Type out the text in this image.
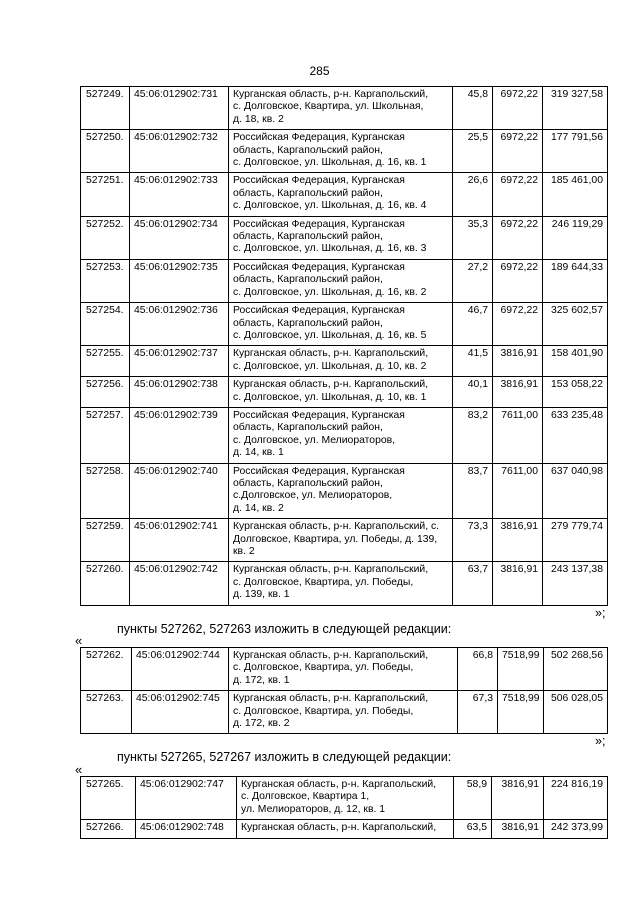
285
527249.	45:06:012902:731	Курганская область, р-н. Каргапольский,
с. Долговское, Квартира, ул. Школьная,
д. 18, кв. 2	45,8	6972,22	319 327,58
527250.	45:06:012902:732	Российская Федерация, Курганская
область, Каргапольский район,
с. Долговское, ул. Школьная, д. 16, кв. 1	25,5	6972,22	177 791,56
527251.	45:06:012902:733	Российская Федерация, Курганская
область, Каргапольский район,
с. Долговское, ул. Школьная, д. 16, кв. 4	26,6	6972,22	185 461,00
527252.	45:06:012902:734	Российская Федерация, Курганская
область, Каргапольский район,
с. Долговское, ул. Школьная, д. 16, кв. 3	35,3	6972,22	246 119,29
527253.	45:06:012902:735	Российская Федерация, Курганская
область, Каргапольский район,
с. Долговское, ул. Школьная, д. 16, кв. 2	27,2	6972,22	189 644,33
527254.	45:06:012902:736	Российская Федерация, Курганская
область, Каргапольский район,
с. Долговское, ул. Школьная, д. 16, кв. 5	46,7	6972,22	325 602,57
527255.	45:06:012902:737	Курганская область, р-н. Каргапольский,
с. Долговское, ул. Школьная, д. 10, кв. 2	41,5	3816,91	158 401,90
527256.	45:06:012902:738	Курганская область, р-н. Каргапольский,
с. Долговское, ул. Школьная, д. 10, кв. 1	40,1	3816,91	153 058,22
527257.	45:06:012902:739	Российская Федерация, Курганская
область, Каргапольский район,
с. Долговское, ул. Мелиораторов,
д. 14, кв. 1	83,2	7611,00	633 235,48
527258.	45:06:012902:740	Российская Федерация, Курганская
область, Каргапольский район,
с.Долговское, ул. Мелиораторов,
д. 14, кв. 2	83,7	7611,00	637 040,98
527259.	45:06:012902:741	Курганская область, р-н. Каргапольский, с.
Долговское, Квартира, ул. Победы, д. 139,
кв. 2	73,3	3816,91	279 779,74
527260.	45:06:012902:742	Курганская область, р-н. Каргапольский,
с. Долговское, Квартира, ул. Победы,
д. 139, кв. 1	63,7	3816,91	243 137,38
»;
пункты 527262, 527263 изложить в следующей редакции:
«
527262.	45:06:012902:744	Курганская область, р-н. Каргапольский,
с. Долговское, Квартира, ул. Победы,
д. 172, кв. 1	66,8	7518,99	502 268,56
527263.	45:06:012902:745	Курганская область, р-н. Каргапольский,
с. Долговское, Квартира, ул. Победы,
д. 172, кв. 2	67,3	7518,99	506 028,05
»;
пункты 527265, 527267 изложить в следующей редакции:
«
527265.	45:06:012902:747	Курганская область, р-н. Каргапольский,
с. Долговское, Квартира 1,
ул. Мелиораторов, д. 12, кв. 1	58,9	3816,91	224 816,19
527266.	45:06:012902:748	Курганская область, р-н. Каргапольский,	63,5	3816,91	242 373,99
